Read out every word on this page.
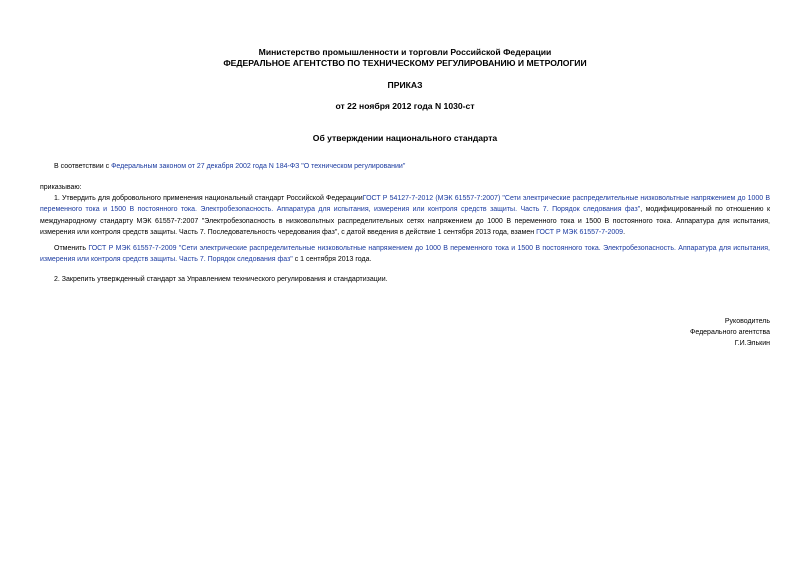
Министерство промышленности и торговли Российской Федерации
ФЕДЕРАЛЬНОЕ АГЕНТСТВО ПО ТЕХНИЧЕСКОМУ РЕГУЛИРОВАНИЮ И МЕТРОЛОГИИ
ПРИКАЗ
от 22 ноября 2012 года N 1030-ст
Об утверждении национального стандарта
В соответствии с Федеральным законом от 27 декабря 2002 года N 184-ФЗ "О техническом регулировании"
приказываю:
1. Утвердить для добровольного применения национальный стандарт Российской ФедерацииГОСТ Р 54127-7-2012 (МЭК 61557-7:2007) "Сети электрические распределительные низковольтные напряжением до 1000 В переменного тока и 1500 В постоянного тока. Электробезопасность. Аппаратура для испытания, измерения или контроля средств защиты. Часть 7. Порядок следования фаз", модифицированный по отношению к международному стандарту МЭК 61557-7:2007 "Электробезопасность в низковольтных распределительных сетях напряжением до 1000 В переменного тока и 1500 В постоянного тока. Аппаратура для испытания, измерения или контроля средств защиты. Часть 7. Последовательность чередования фаз", с датой введения в действие 1 сентября 2013 года, взамен ГОСТ Р МЭК 61557-7-2009.
Отменить ГОСТ Р МЭК 61557-7-2009 "Сети электрические распределительные низковольтные напряжением до 1000 В переменного тока и 1500 В постоянного тока. Электробезопасность. Аппаратура для испытания, измерения или контроля средств защиты. Часть 7. Порядок следования фаз" с 1 сентября 2013 года.
2. Закрепить утвержденный стандарт за Управлением технического регулирования и стандартизации.
Руководитель
Федерального агентства
Г.И.Элькин
